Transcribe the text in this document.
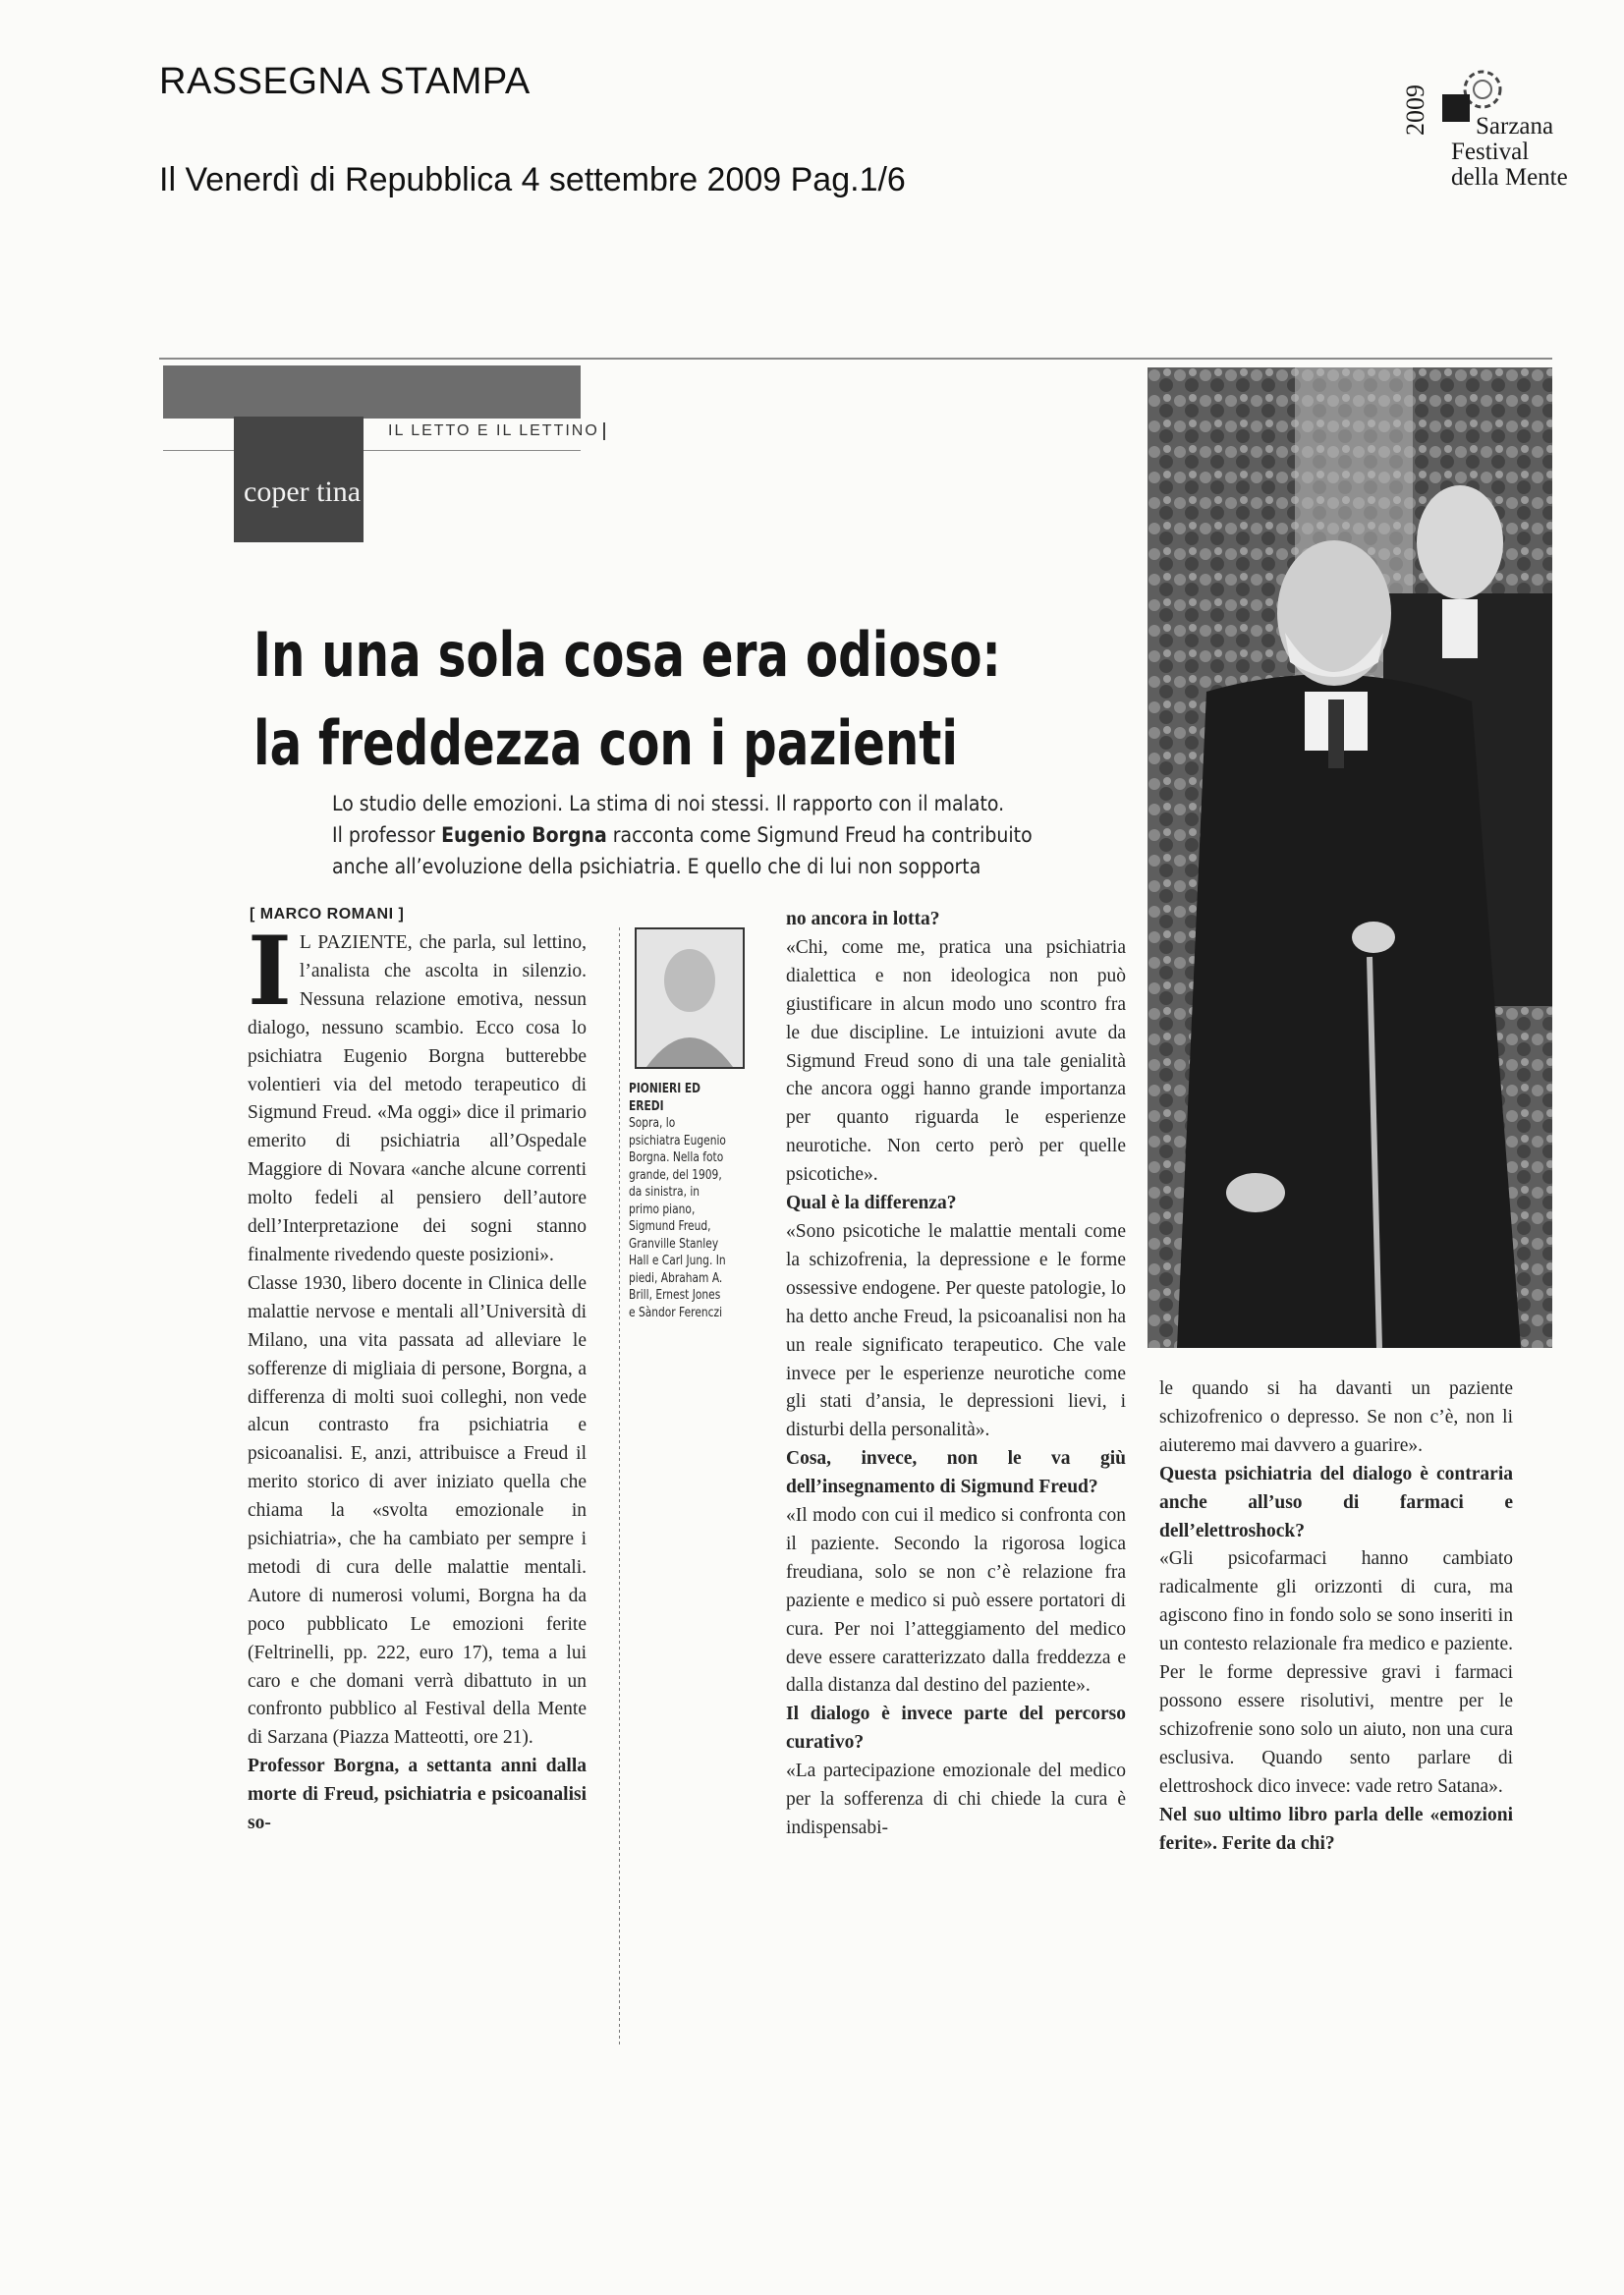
RASSEGNA STAMPA
Il Venerdì di Repubblica 4 settembre 2009 Pag.1/6
2009 Sarzana
Festival
della Mente
IL LETTO E IL LETTINO
coper tina
In una sola cosa era odioso:
la freddezza con i pazienti
Lo studio delle emozioni. La stima di noi stessi. Il rapporto con il malato.
Il professor Eugenio Borgna racconta come Sigmund Freud ha contribuito
anche all’evoluzione della psichiatria. E quello che di lui non sopporta
[ MARCO ROMANI ]

I L PAZIENTE, che parla, sul lettino, l’analista che ascolta in silenzio. Nessuna relazione emotiva, nessun dialogo, nessuno scambio. Ecco cosa lo psichiatra Eugenio Borgna butterebbe volentieri via del metodo terapeutico di Sigmund Freud. «Ma oggi» dice il primario emerito di psichiatria all’Ospedale Maggiore di Novara «anche alcune correnti molto fedeli al pensiero dell’autore dell’Interpretazione dei sogni stanno finalmente rivedendo queste posizioni».

Classe 1930, libero docente in Clinica delle malattie nervose e mentali all’Università di Milano, una vita passata ad alleviare le sofferenze di migliaia di persone, Borgna, a differenza di molti suoi colleghi, non vede alcun contrasto fra psichiatria e psicoanalisi. E, anzi, attribuisce a Freud il merito storico di aver iniziato quella che chiama la «svolta emozionale in psichiatria», che ha cambiato per sempre i metodi di cura delle malattie mentali. Autore di numerosi volumi, Borgna ha da poco pubblicato Le emozioni ferite (Feltrinelli, pp. 222, euro 17), tema a lui caro e che domani verrà dibattuto in un confronto pubblico al Festival della Mente di Sarzana (Piazza Matteotti, ore 21).

Professor Borgna, a settanta anni dalla morte di Freud, psichiatria e psicoanalisi so-

PIONIERI ED EREDI
Sopra, lo psichiatra Eugenio Borgna. Nella foto grande, del 1909, da sinistra, in primo piano, Sigmund Freud, Granville Stanley Hall e Carl Jung. In piedi, Abraham A. Brill, Ernest Jones e Sàndor Ferenczi

no ancora in lotta?

«Chi, come me, pratica una psichiatria dialettica e non ideologica non può giustificare in alcun modo uno scontro fra le due discipline. Le intuizioni avute da Sigmund Freud sono di una tale genialità che ancora oggi hanno grande importanza per quanto riguarda le esperienze neurotiche. Non certo però per quelle psicotiche».

Qual è la differenza?

«Sono psicotiche le malattie mentali come la schizofrenia, la depressione e le forme ossessive endogene. Per queste patologie, lo ha detto anche Freud, la psicoanalisi non ha un reale significato terapeutico. Che vale invece per le esperienze neurotiche come gli stati d’ansia, le depressioni lievi, i disturbi della personalità».

Cosa, invece, non le va giù dell’insegnamento di Sigmund Freud?

«Il modo con cui il medico si confronta con il paziente. Secondo la rigorosa logica freudiana, solo se non c’è relazione fra paziente e medico si può essere portatori di cura. Per noi l’atteggiamento del medico deve essere caratterizzato dalla freddezza e dalla distanza dal destino del paziente».

Il dialogo è invece parte del percorso curativo?

«La partecipazione emozionale del medico per la sofferenza di chi chiede la cura è indispensabi-

le quando si ha davanti un paziente schizofrenico o depresso. Se non c’è, non li aiuteremo mai davvero a guarire».

Questa psichiatria del dialogo è contraria anche all’uso di farmaci e dell’elettroshock?

«Gli psicofarmaci hanno cambiato radicalmente gli orizzonti di cura, ma agiscono fino in fondo solo se sono inseriti in un contesto relazionale fra medico e paziente. Per le forme depressive gravi i farmaci possono essere risolutivi, mentre per le schizofrenie sono solo un aiuto, non una cura esclusiva. Quando sento parlare di elettroshock dico invece: vade retro Satana».

Nel suo ultimo libro parla delle «emozioni ferite». Ferite da chi?
